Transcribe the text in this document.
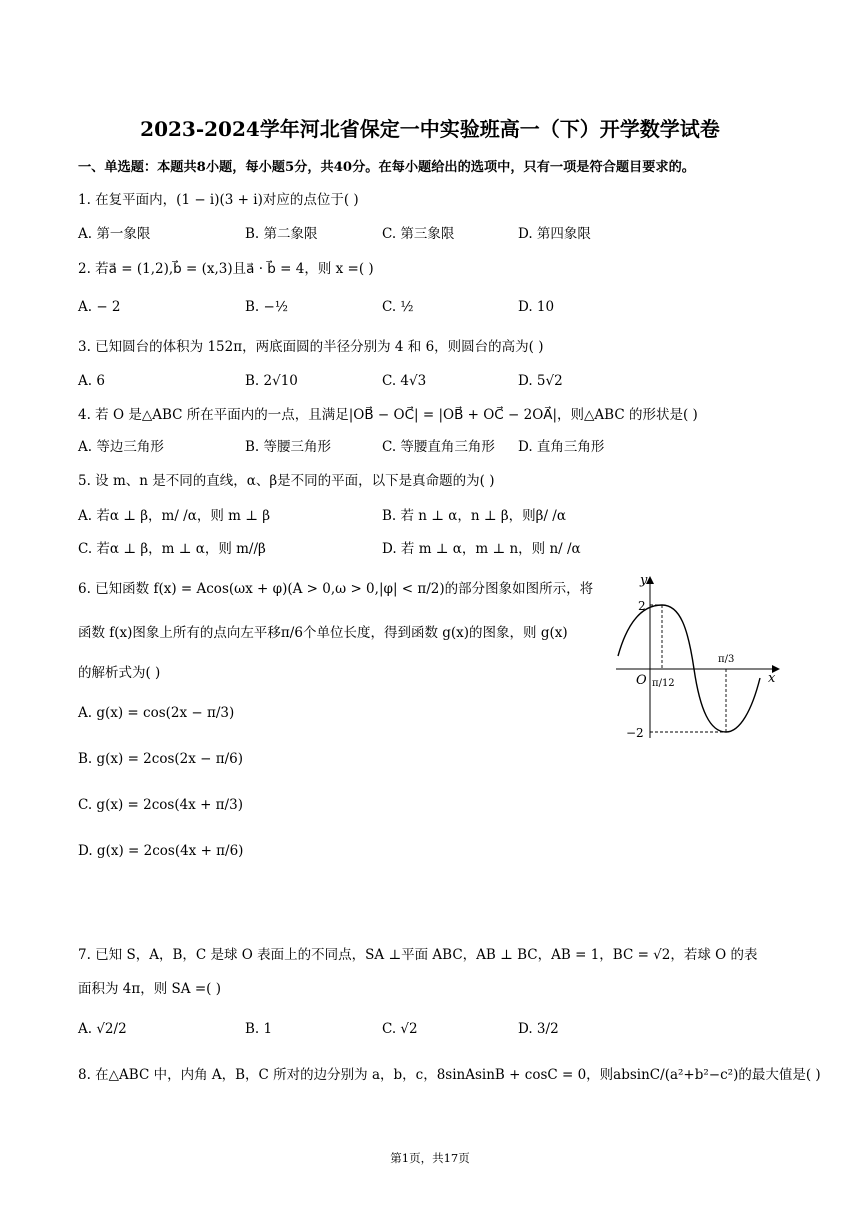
2023-2024学年河北省保定一中实验班高一（下）开学数学试卷
一、单选题：本题共8小题，每小题5分，共40分。在每小题给出的选项中，只有一项是符合题目要求的。
1. 在复平面内，(1 − i)(3 + i)对应的点位于( )
A. 第一象限	B. 第二象限	C. 第三象限	D. 第四象限
2. 若a⃗ = (1,2),b⃗ = (x,3)且a⃗ · b⃗ = 4，则 x =( )
A. − 2	B. −½	C. ½	D. 10
3. 已知圆台的体积为 152π，两底面圆的半径分别为 4 和 6，则圆台的高为( )
A. 6	B. 2√10	C. 4√3	D. 5√2
4. 若 O 是△ABC 所在平面内的一点，且满足|OB⃗ − OC⃗| = |OB⃗ + OC⃗ − 2OA⃗|，则△ABC 的形状是( )
A. 等边三角形	B. 等腰三角形	C. 等腰直角三角形 D. 直角三角形
5. 设 m、n 是不同的直线，α、β是不同的平面，以下是真命题的为( )
A. 若α ⊥ β，m/ /α，则 m ⊥ β	B. 若 n ⊥ α，n ⊥ β，则β/ /α
C. 若α ⊥ β，m ⊥ α，则 m//β	D. 若 m ⊥ α，m ⊥ n，则 n/ /α
6. 已知函数 f(x) = Acos(ωx + φ)(A > 0,ω > 0,|φ| < π/2)的部分图象如图所示，将
函数 f(x)图象上所有的点向左平移π/6个单位长度，得到函数 g(x)的图象，则 g(x)
的解析式为( )
A. g(x) = cos(2x − π/3)
B. g(x) = 2cos(2x − π/6)
C. g(x) = 2cos(4x + π/3)
D. g(x) = 2cos(4x + π/6)
y
x
O
2
−2
π/12
π/3
7. 已知 S，A，B，C 是球 O 表面上的不同点，SA ⊥平面 ABC，AB ⊥ BC，AB = 1，BC = √2，若球 O 的表
面积为 4π，则 SA =( )
A. √2/2	B. 1	C. √2	D. 3/2
8. 在△ABC 中，内角 A，B，C 所对的边分别为 a，b，c，8sinAsinB + cosC = 0，则absinC/(a²+b²−c²)的最大值是( )
第1页，共17页
